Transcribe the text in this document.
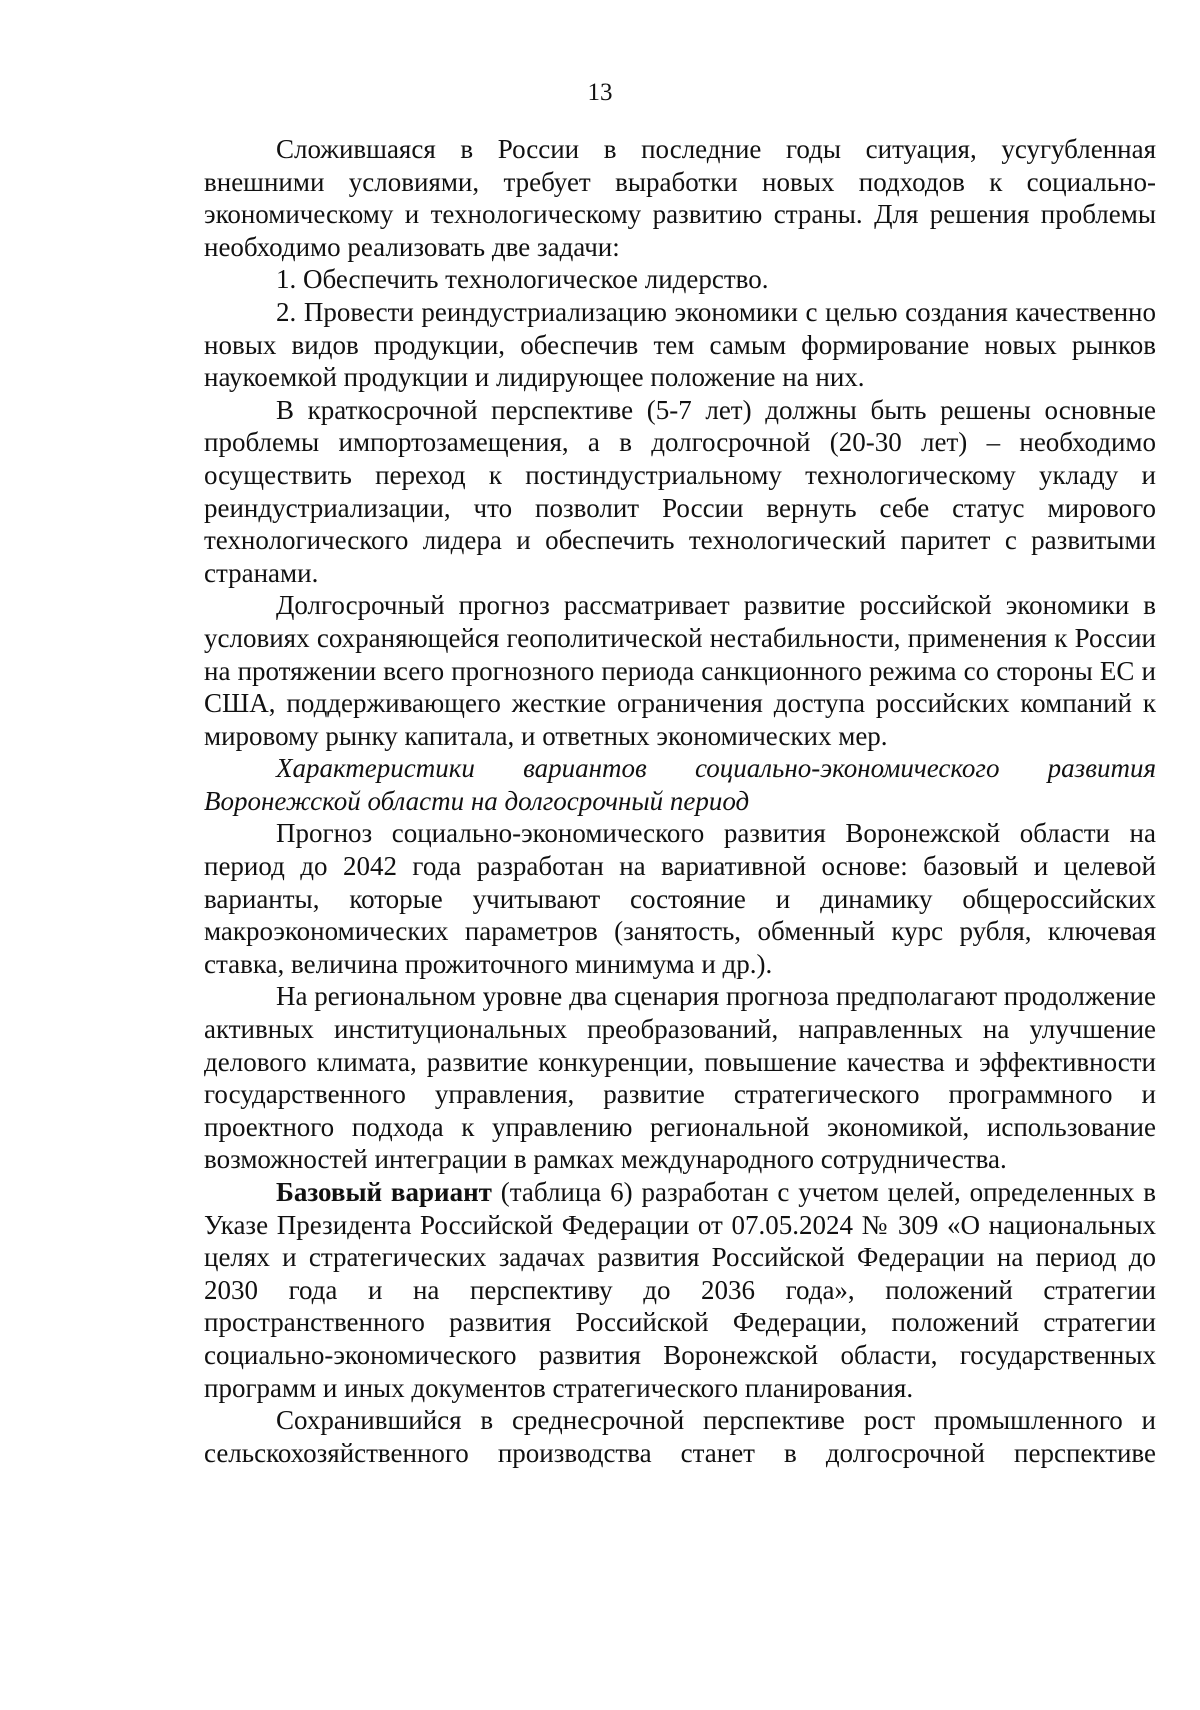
13

Сложившаяся в России в последние годы ситуация, усугубленная внешними условиями, требует выработки новых подходов к социально-экономическому и технологическому развитию страны. Для решения проблемы необходимо реализовать две задачи:

1. Обеспечить технологическое лидерство.

2. Провести реиндустриализацию экономики с целью создания качественно новых видов продукции, обеспечив тем самым формирование новых рынков наукоемкой продукции и лидирующее положение на них.

В краткосрочной перспективе (5-7 лет) должны быть решены основные проблемы импортозамещения, а в долгосрочной (20-30 лет) – необходимо осуществить переход к постиндустриальному технологическому укладу и реиндустриализации, что позволит России вернуть себе статус мирового технологического лидера и обеспечить технологический паритет с развитыми странами.

Долгосрочный прогноз рассматривает развитие российской экономики в условиях сохраняющейся геополитической нестабильности, применения к России на протяжении всего прогнозного периода санкционного режима со стороны ЕС и США, поддерживающего жесткие ограничения доступа российских компаний к мировому рынку капитала, и ответных экономических мер.

Характеристики вариантов социально-экономического развития Воронежской области на долгосрочный период

Прогноз социально-экономического развития Воронежской области на период до 2042 года разработан на вариативной основе: базовый и целевой варианты, которые учитывают состояние и динамику общероссийских макроэкономических параметров (занятость, обменный курс рубля, ключевая ставка, величина прожиточного минимума и др.).

На региональном уровне два сценария прогноза предполагают продолжение активных институциональных преобразований, направленных на улучшение делового климата, развитие конкуренции, повышение качества и эффективности государственного управления, развитие стратегического программного и проектного подхода к управлению региональной экономикой, использование возможностей интеграции в рамках международного сотрудничества.

Базовый вариант (таблица 6) разработан с учетом целей, определенных в Указе Президента Российской Федерации от 07.05.2024 № 309 «О национальных целях и стратегических задачах развития Российской Федерации на период до 2030 года и на перспективу до 2036 года», положений стратегии пространственного развития Российской Федерации, положений стратегии социально-экономического развития Воронежской области, государственных программ и иных документов стратегического планирования.

Сохранившийся в среднесрочной перспективе рост промышленного и сельскохозяйственного производства станет в долгосрочной перспективе
